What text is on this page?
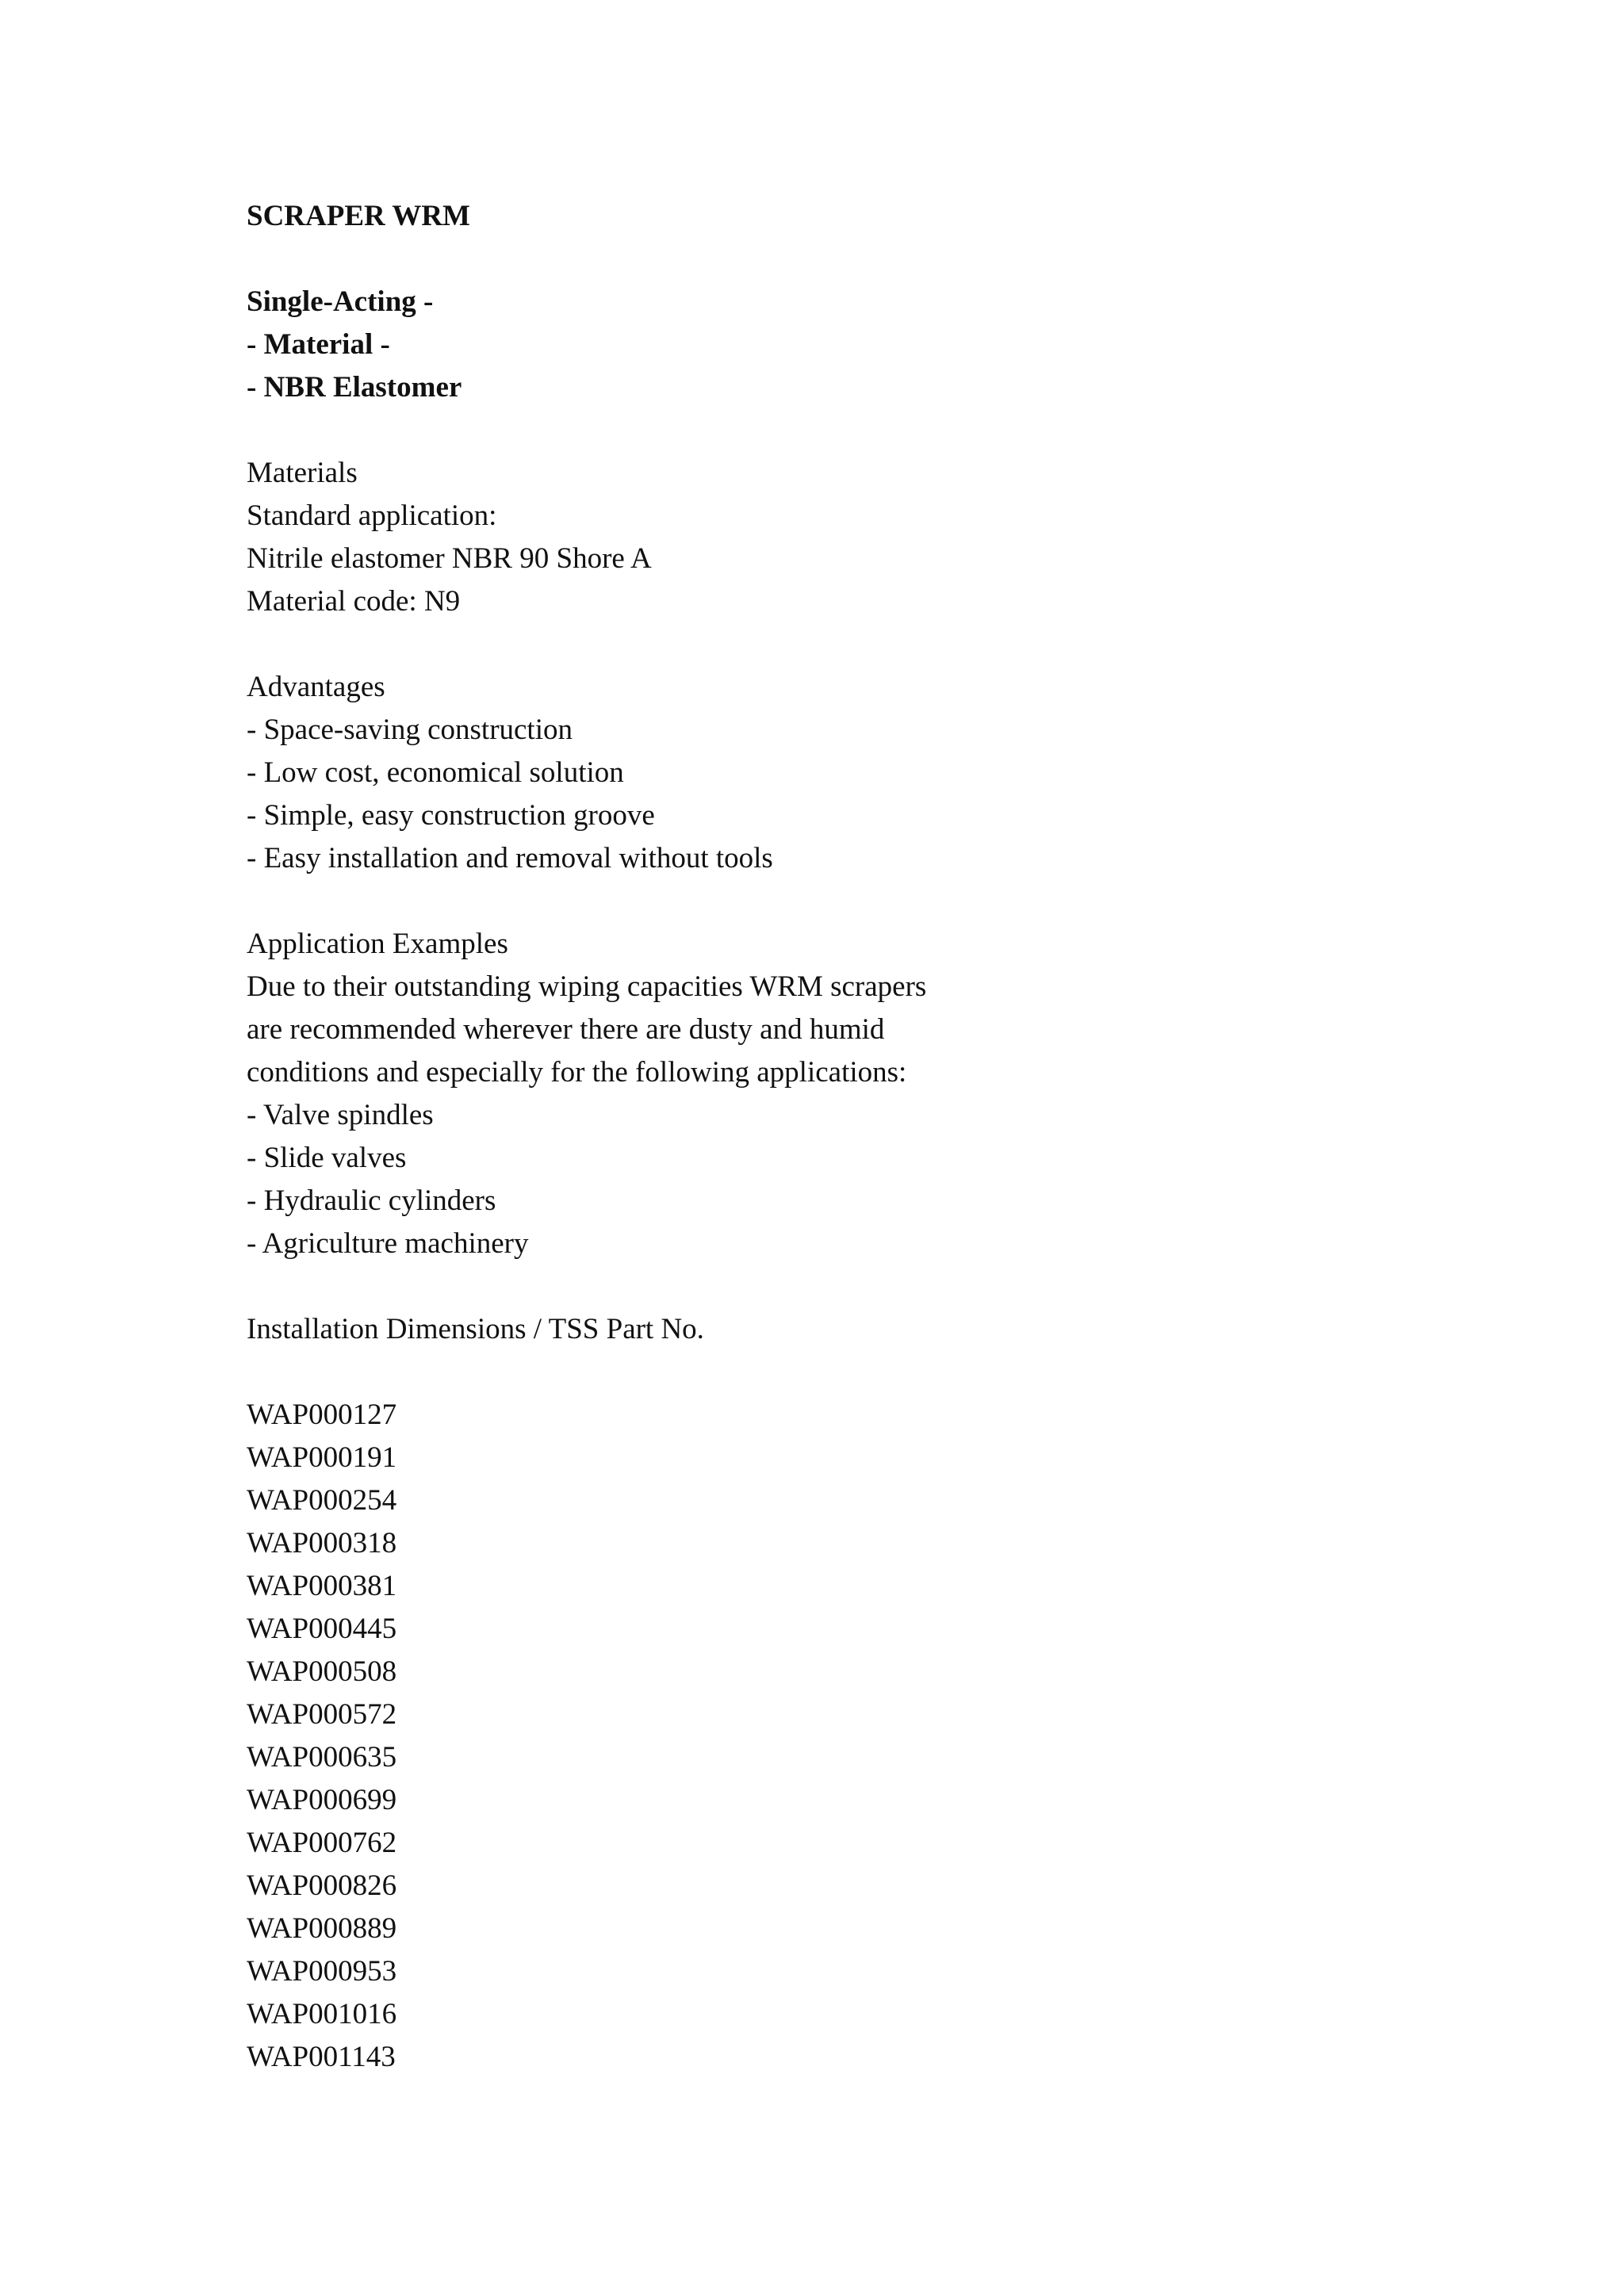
SCRAPER WRM
Single-Acting -
- Material -
- NBR Elastomer
Materials
Standard application:
Nitrile elastomer NBR 90 Shore A
Material code: N9
Advantages
- Space-saving construction
- Low cost, economical solution
- Simple, easy construction groove
- Easy installation and removal without tools
Application Examples
Due to their outstanding wiping capacities WRM scrapers
are recommended wherever there are dusty and humid
conditions and especially for the following applications:
- Valve spindles
- Slide valves
- Hydraulic cylinders
- Agriculture machinery
Installation Dimensions / TSS Part No.
WAP000127
WAP000191
WAP000254
WAP000318
WAP000381
WAP000445
WAP000508
WAP000572
WAP000635
WAP000699
WAP000762
WAP000826
WAP000889
WAP000953
WAP001016
WAP001143
